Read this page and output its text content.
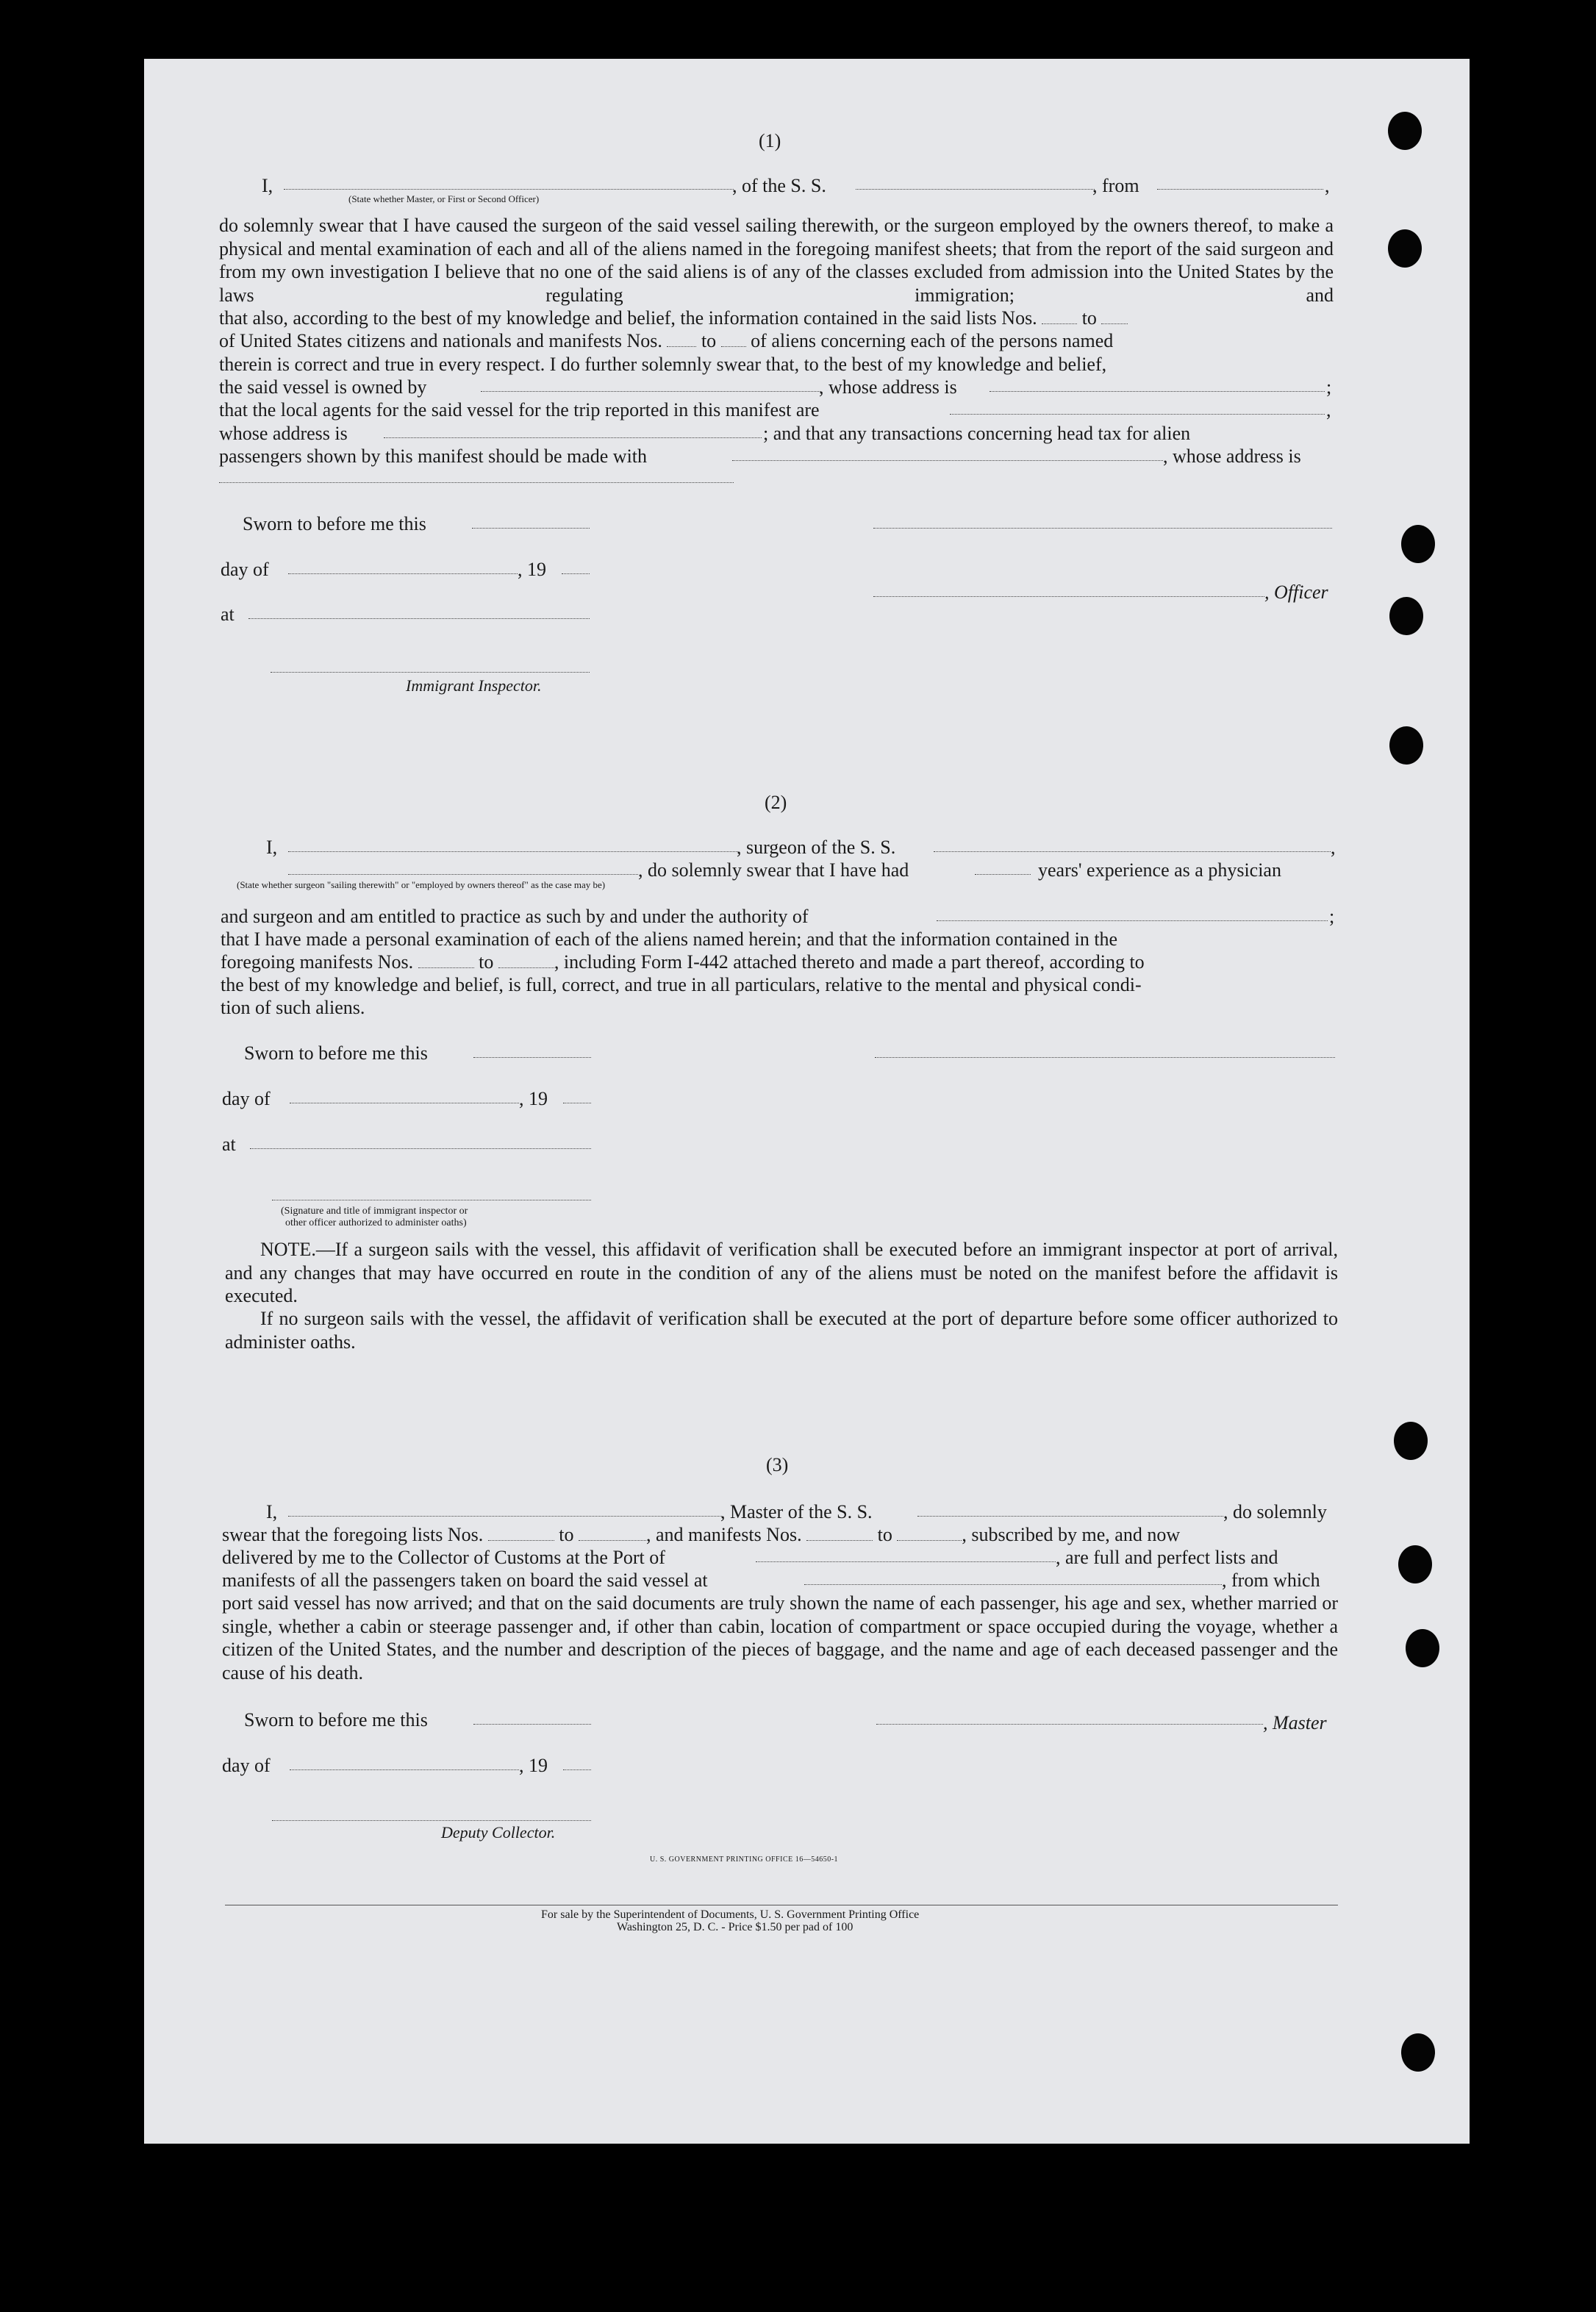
(1)
I,	, of the S. S.	, from	,
(State whether Master, or First or Second Officer)
do solemnly swear that I have caused the surgeon of the said vessel sailing therewith, or the surgeon employed by the owners thereof, to make a physical and mental examination of each and all of the aliens named in the foregoing manifest sheets; that from the report of the said surgeon and from my own investigation I believe that no one of the said aliens is of any of the classes excluded from admission into the United States by the laws regulating immigration; and
that also, according to the best of my knowledge and belief, the information contained in the said lists Nos. to
of United States citizens and nationals and manifests Nos. to of aliens concerning each of the persons named
therein is correct and true in every respect. I do further solemnly swear that, to the best of my knowledge and belief,
the said vessel is owned by	, whose address is	;
that the local agents for the said vessel for the trip reported in this manifest are	,
whose address is	; and that any transactions concerning head tax for alien
passengers shown by this manifest should be made with	, whose address is
Sworn to before me this
day of	, 19
, Officer
at
Immigrant Inspector.
(2)
I,	, surgeon of the S. S.	,
, do solemnly swear that I have had	years' experience as a physician
(State whether surgeon "sailing therewith" or "employed by owners thereof" as the case may be)
and surgeon and am entitled to practice as such by and under the authority of	;
that I have made a personal examination of each of the aliens named herein; and that the information contained in the
foregoing manifests Nos.	to	, including Form I-442 attached thereto and made a part thereof, according to
the best of my knowledge and belief, is full, correct, and true in all particulars, relative to the mental and physical condi-
tion of such aliens.
Sworn to before me this
day of	, 19
at
(Signature and title of immigrant inspector or
other officer authorized to administer oaths)
NOTE.—If a surgeon sails with the vessel, this affidavit of verification shall be executed before an immigrant inspector at port of arrival, and any changes that may have occurred en route in the condition of any of the aliens must be noted on the manifest before the affidavit is executed.
If no surgeon sails with the vessel, the affidavit of verification shall be executed at the port of departure before some officer authorized to administer oaths.
(3)
I,	, Master of the S. S.	, do solemnly
swear that the foregoing lists Nos.	to	, and manifests Nos.	to	, subscribed by me, and now
delivered by me to the Collector of Customs at the Port of	, are full and perfect lists and
manifests of all the passengers taken on board the said vessel at	, from which
port said vessel has now arrived; and that on the said documents are truly shown the name of each passenger, his age and sex, whether married or single, whether a cabin or steerage passenger and, if other than cabin, location of compartment or space occupied during the voyage, whether a citizen of the United States, and the number and description of the pieces of baggage, and the name and age of each deceased passenger and the cause of his death.
Sworn to before me this	, Master
day of	, 19
Deputy Collector.
U. S. GOVERNMENT PRINTING OFFICE 16—54650-1
For sale by the Superintendent of Documents, U. S. Government Printing Office
Washington 25, D. C. - Price $1.50 per pad of 100
